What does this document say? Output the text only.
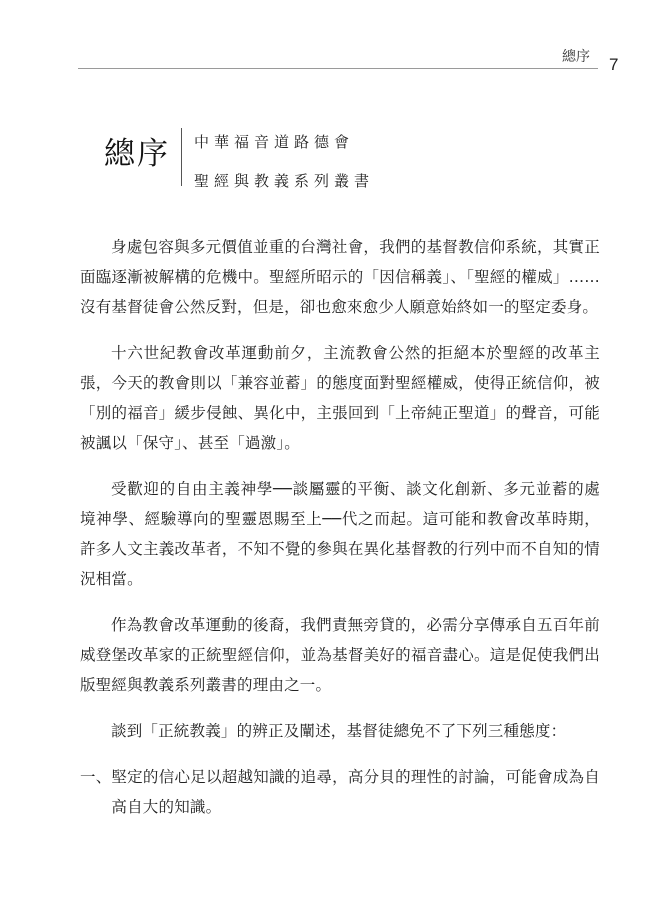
總序 7
總序 中華福音道路德會
聖經與教義系列叢書

身處包容與多元價值並重的台灣社會，我們的基督教信仰系統，其實正面臨逐漸被解構的危機中。聖經所昭示的「因信稱義」、「聖經的權威」……沒有基督徒會公然反對，但是，卻也愈來愈少人願意始終如一的堅定委身。

十六世紀教會改革運動前夕，主流教會公然的拒絕本於聖經的改革主張，今天的教會則以「兼容並蓄」的態度面對聖經權威，使得正統信仰，被「別的福音」緩步侵蝕、異化中，主張回到「上帝純正聖道」的聲音，可能被諷以「保守」、甚至「過激」。

受歡迎的自由主義神學──談屬靈的平衡、談文化創新、多元並蓄的處境神學、經驗導向的聖靈恩賜至上──代之而起。這可能和教會改革時期，許多人文主義改革者，不知不覺的參與在異化基督教的行列中而不自知的情況相當。

作為教會改革運動的後裔，我們責無旁貸的，必需分享傳承自五百年前威登堡改革家的正統聖經信仰，並為基督美好的福音盡心。這是促使我們出版聖經與教義系列叢書的理由之一。

談到「正統教義」的辨正及闡述，基督徒總免不了下列三種態度：

一、 堅定的信心足以超越知識的追尋，高分貝的理性的討論，可能會成為自高自大的知識。
